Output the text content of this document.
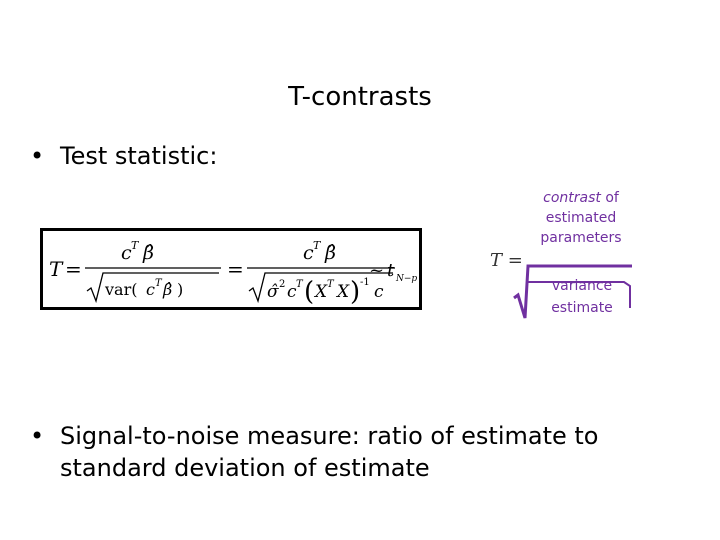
T-contrasts
• Test statistic:
T =
c T β̂
var( c T β̂ )
=
c T β̂
σ̂ 2 c T ( X T X ) -1 c
~ t N−p
T =
contrast of estimated parameters
variance estimate
• Signal-to-noise measure: ratio of estimate to standard deviation of estimate
